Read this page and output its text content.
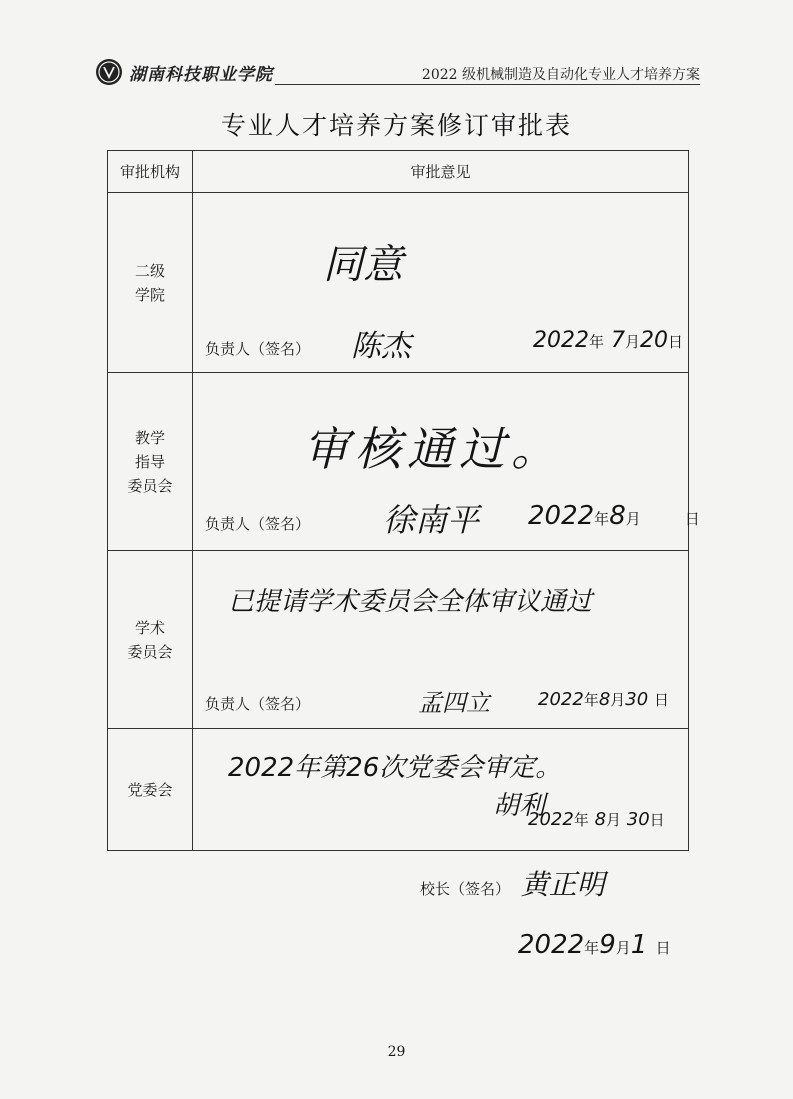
湖南科技职业学院	2022 级机械制造及自动化专业人才培养方案
专业人才培养方案修订审批表
审批机构	审批意见
二级
学院	同意
负责人（签名） 陈杰 2022年 7月20日

教学
指导
委员会	审核通过。
负责人（签名） 徐南平 2022年8月 日

学术
委员会	已提请学术委员会全体审议通过
负责人（签名） 孟四立 2022年8月30 日

党委会	2022年第26次党委会审定。
胡利
2022年 8月 30日
校长（签名） 黄正明
2022年9月1 日
29
